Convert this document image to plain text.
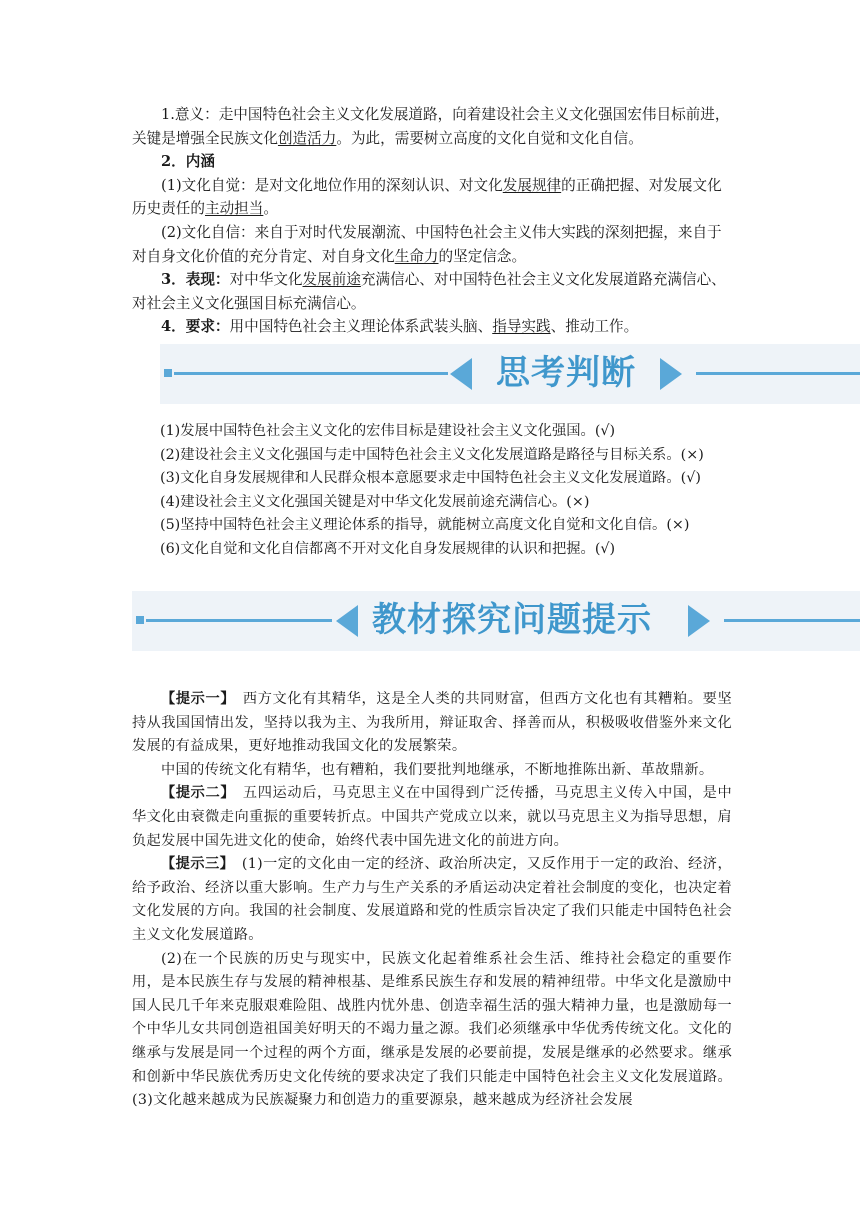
1.意义：走中国特色社会主义文化发展道路，向着建设社会主义文化强国宏伟目标前进，关键是增强全民族文化创造活力。为此，需要树立高度的文化自觉和文化自信。

2．内涵

(1)文化自觉：是对文化地位作用的深刻认识、对文化发展规律的正确把握、对发展文化历史责任的主动担当。

(2)文化自信：来自于对时代发展潮流、中国特色社会主义伟大实践的深刻把握，来自于对自身文化价值的充分肯定、对自身文化生命力的坚定信念。

3．表现：对中华文化发展前途充满信心、对中国特色社会主义文化发展道路充满信心、对社会主义文化强国目标充满信心。

4．要求：用中国特色社会主义理论体系武装头脑、指导实践、推动工作。

思考判断
(1)发展中国特色社会主义文化的宏伟目标是建设社会主义文化强国。(√)
(2)建设社会主义文化强国与走中国特色社会主义文化发展道路是路径与目标关系。(×)
(3)文化自身发展规律和人民群众根本意愿要求走中国特色社会主义文化发展道路。(√)
(4)建设社会主义文化强国关键是对中华文化发展前途充满信心。(×)
(5)坚持中国特色社会主义理论体系的指导，就能树立高度文化自觉和文化自信。(×)
(6)文化自觉和文化自信都离不开对文化自身发展规律的认识和把握。(√)
教材探究问题提示

【提示一】　西方文化有其精华，这是全人类的共同财富，但西方文化也有其糟粕。要坚持从我国国情出发，坚持以我为主、为我所用，辩证取舍、择善而从，积极吸收借鉴外来文化发展的有益成果，更好地推动我国文化的发展繁荣。

中国的传统文化有精华，也有糟粕，我们要批判地继承，不断地推陈出新、革故鼎新。

【提示二】　五四运动后，马克思主义在中国得到广泛传播，马克思主义传入中国，是中华文化由衰微走向重振的重要转折点。中国共产党成立以来，就以马克思主义为指导思想，肩负起发展中国先进文化的使命，始终代表中国先进文化的前进方向。

【提示三】　(1)一定的文化由一定的经济、政治所决定，又反作用于一定的政治、经济，给予政治、经济以重大影响。生产力与生产关系的矛盾运动决定着社会制度的变化，也决定着文化发展的方向。我国的社会制度、发展道路和党的性质宗旨决定了我们只能走中国特色社会主义文化发展道路。

(2)在一个民族的历史与现实中，民族文化起着维系社会生活、维持社会稳定的重要作用，是本民族生存与发展的精神根基、是维系民族生存和发展的精神纽带。中华文化是激励中国人民几千年来克服艰难险阻、战胜内忧外患、创造幸福生活的强大精神力量，也是激励每一个中华儿女共同创造祖国美好明天的不竭力量之源。我们必须继承中华优秀传统文化。文化的继承与发展是同一个过程的两个方面，继承是发展的必要前提，发展是继承的必然要求。继承和创新中华民族优秀历史文化传统的要求决定了我们只能走中国特色社会主义文化发展道路。(3)文化越来越成为民族凝聚力和创造力的重要源泉，越来越成为经济社会发展
